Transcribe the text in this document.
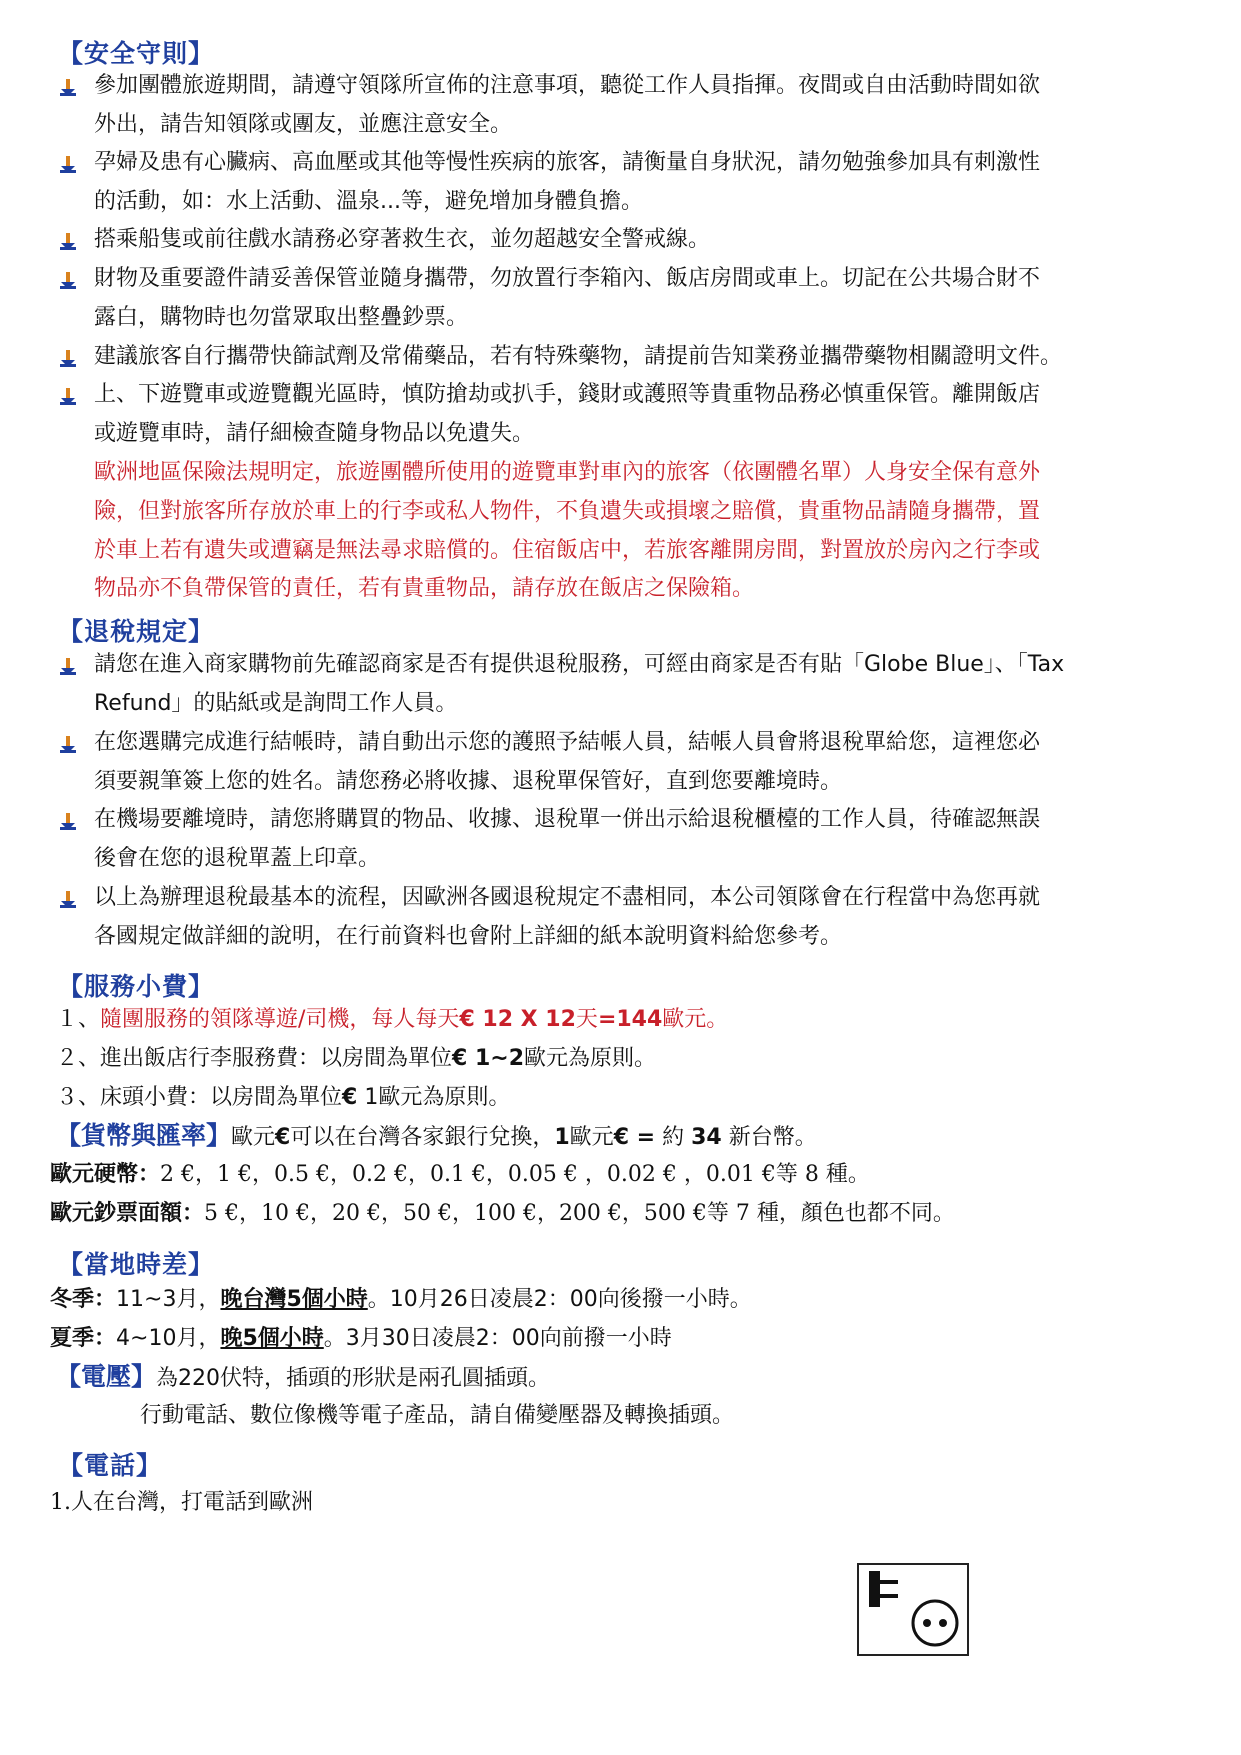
【安全守則】
參加團體旅遊期間，請遵守領隊所宣佈的注意事項，聽從工作人員指揮。夜間或自由活動時間如欲
外出，請告知領隊或團友，並應注意安全。
孕婦及患有心臟病、高血壓或其他等慢性疾病的旅客，請衡量自身狀況，請勿勉強參加具有刺激性
的活動，如：水上活動、溫泉...等，避免增加身體負擔。
搭乘船隻或前往戲水請務必穿著救生衣，並勿超越安全警戒線。
財物及重要證件請妥善保管並隨身攜帶，勿放置行李箱內、飯店房間或車上。切記在公共場合財不
露白，購物時也勿當眾取出整疊鈔票。
建議旅客自行攜帶快篩試劑及常備藥品，若有特殊藥物，請提前告知業務並攜帶藥物相關證明文件。
上、下遊覽車或遊覽觀光區時，慎防搶劫或扒手，錢財或護照等貴重物品務必慎重保管。離開飯店
或遊覽車時，請仔細檢查隨身物品以免遺失。
歐洲地區保險法規明定，旅遊團體所使用的遊覽車對車內的旅客（依團體名單）人身安全保有意外
險，但對旅客所存放於車上的行李或私人物件，不負遺失或損壞之賠償，貴重物品請隨身攜帶，置
於車上若有遺失或遭竊是無法尋求賠償的。住宿飯店中，若旅客離開房間，對置放於房內之行李或
物品亦不負帶保管的責任，若有貴重物品，請存放在飯店之保險箱。
【退稅規定】
請您在進入商家購物前先確認商家是否有提供退稅服務，可經由商家是否有貼「Globe Blue」、「Tax
Refund」的貼紙或是詢問工作人員。
在您選購完成進行結帳時，請自動出示您的護照予結帳人員，結帳人員會將退稅單給您，這裡您必
須要親筆簽上您的姓名。請您務必將收據、退稅單保管好，直到您要離境時。
在機場要離境時，請您將購買的物品、收據、退稅單一併出示給退稅櫃檯的工作人員，待確認無誤
後會在您的退稅單蓋上印章。
以上為辦理退稅最基本的流程，因歐洲各國退稅規定不盡相同，本公司領隊會在行程當中為您再就
各國規定做詳細的說明，在行前資料也會附上詳細的紙本說明資料給您參考。
【服務小費】
１、隨團服務的領隊導遊/司機，每人每天€ 12 X 12天=144歐元。
２、進出飯店行李服務費：以房間為單位€ 1~2歐元為原則。
３、床頭小費：以房間為單位€ 1歐元為原則。
【貨幣與匯率】歐元€可以在台灣各家銀行兌換，1歐元€ = 約 34 新台幣。
歐元硬幣：2 €，1 €，0.5 €，0.2 €，0.1 €，0.05 € ，0.02 € ，0.01 €等 8 種。
歐元鈔票面額：5 €，10 €，20 €，50 €，100 €，200 €，500 €等 7 種，顏色也都不同。
【當地時差】
冬季：11~3月，晚台灣5個小時。10月26日凌晨2：00向後撥一小時。
夏季：4~10月，晚5個小時。3月30日凌晨2：00向前撥一小時
【電壓】為220伏特，插頭的形狀是兩孔圓插頭。
行動電話、數位像機等電子產品，請自備變壓器及轉換插頭。
【電話】
1.人在台灣，打電話到歐洲
